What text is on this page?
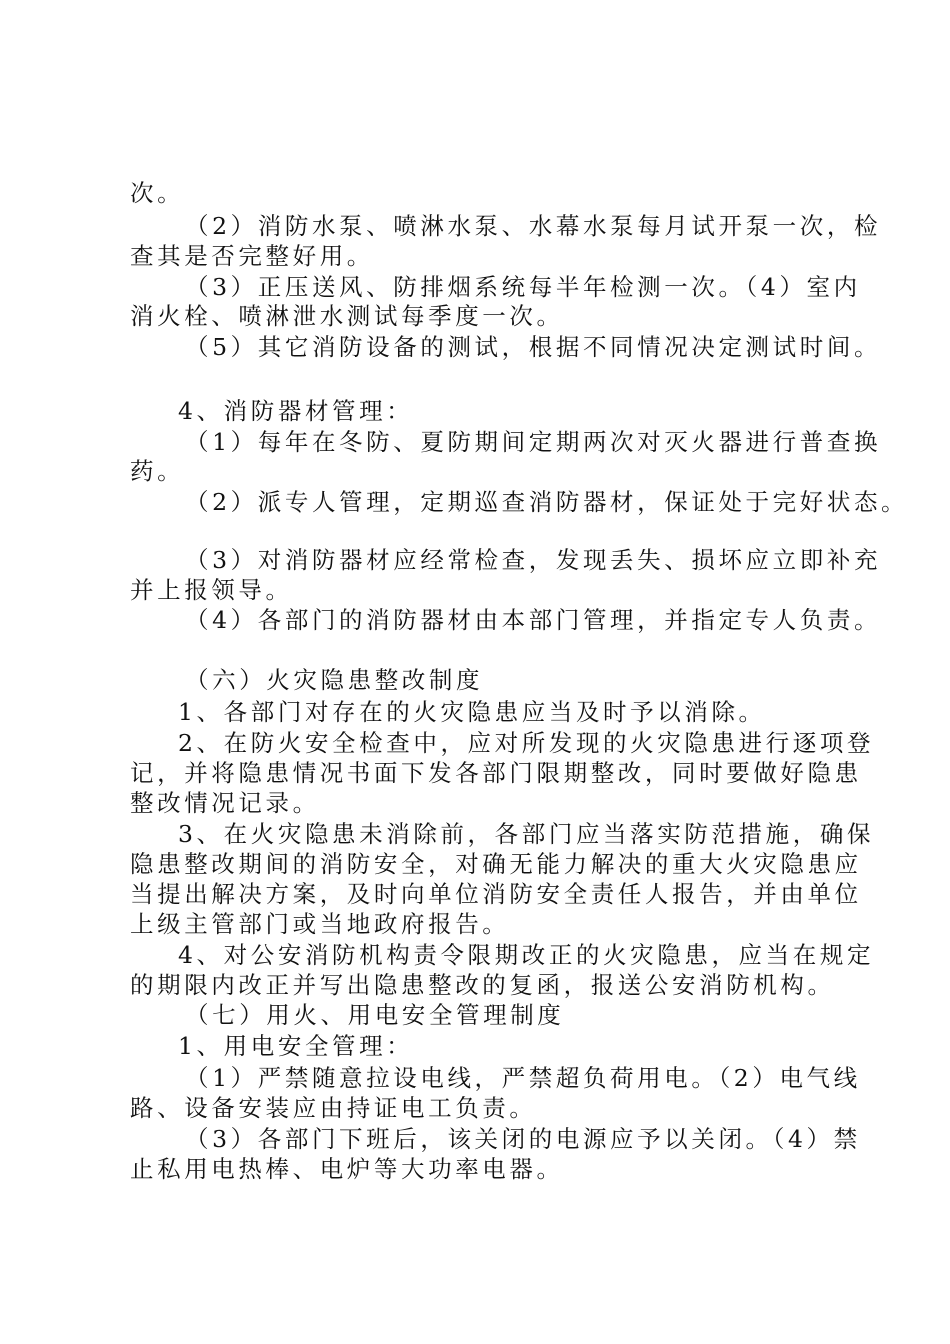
次。
（2）消防水泵、喷淋水泵、水幕水泵每月试开泵一次，检
查其是否完整好用。
（3）正压送风、防排烟系统每半年检测一次。（4）室内
消火栓、喷淋泄水测试每季度一次。
（5）其它消防设备的测试，根据不同情况决定测试时间。
4、消防器材管理：
（1）每年在冬防、夏防期间定期两次对灭火器进行普查换
药。
（2）派专人管理，定期巡查消防器材，保证处于完好状态。
（3）对消防器材应经常检查，发现丢失、损坏应立即补充
并上报领导。
（4）各部门的消防器材由本部门管理，并指定专人负责。
（六）火灾隐患整改制度
1、各部门对存在的火灾隐患应当及时予以消除。
2、在防火安全检查中，应对所发现的火灾隐患进行逐项登
记，并将隐患情况书面下发各部门限期整改，同时要做好隐患
整改情况记录。
3、在火灾隐患未消除前，各部门应当落实防范措施，确保
隐患整改期间的消防安全，对确无能力解决的重大火灾隐患应
当提出解决方案，及时向单位消防安全责任人报告，并由单位
上级主管部门或当地政府报告。
4、对公安消防机构责令限期改正的火灾隐患，应当在规定
的期限内改正并写出隐患整改的复函，报送公安消防机构。
（七）用火、用电安全管理制度
1、用电安全管理：
（1）严禁随意拉设电线，严禁超负荷用电。（2）电气线
路、设备安装应由持证电工负责。
（3）各部门下班后，该关闭的电源应予以关闭。（4）禁
止私用电热棒、电炉等大功率电器。
